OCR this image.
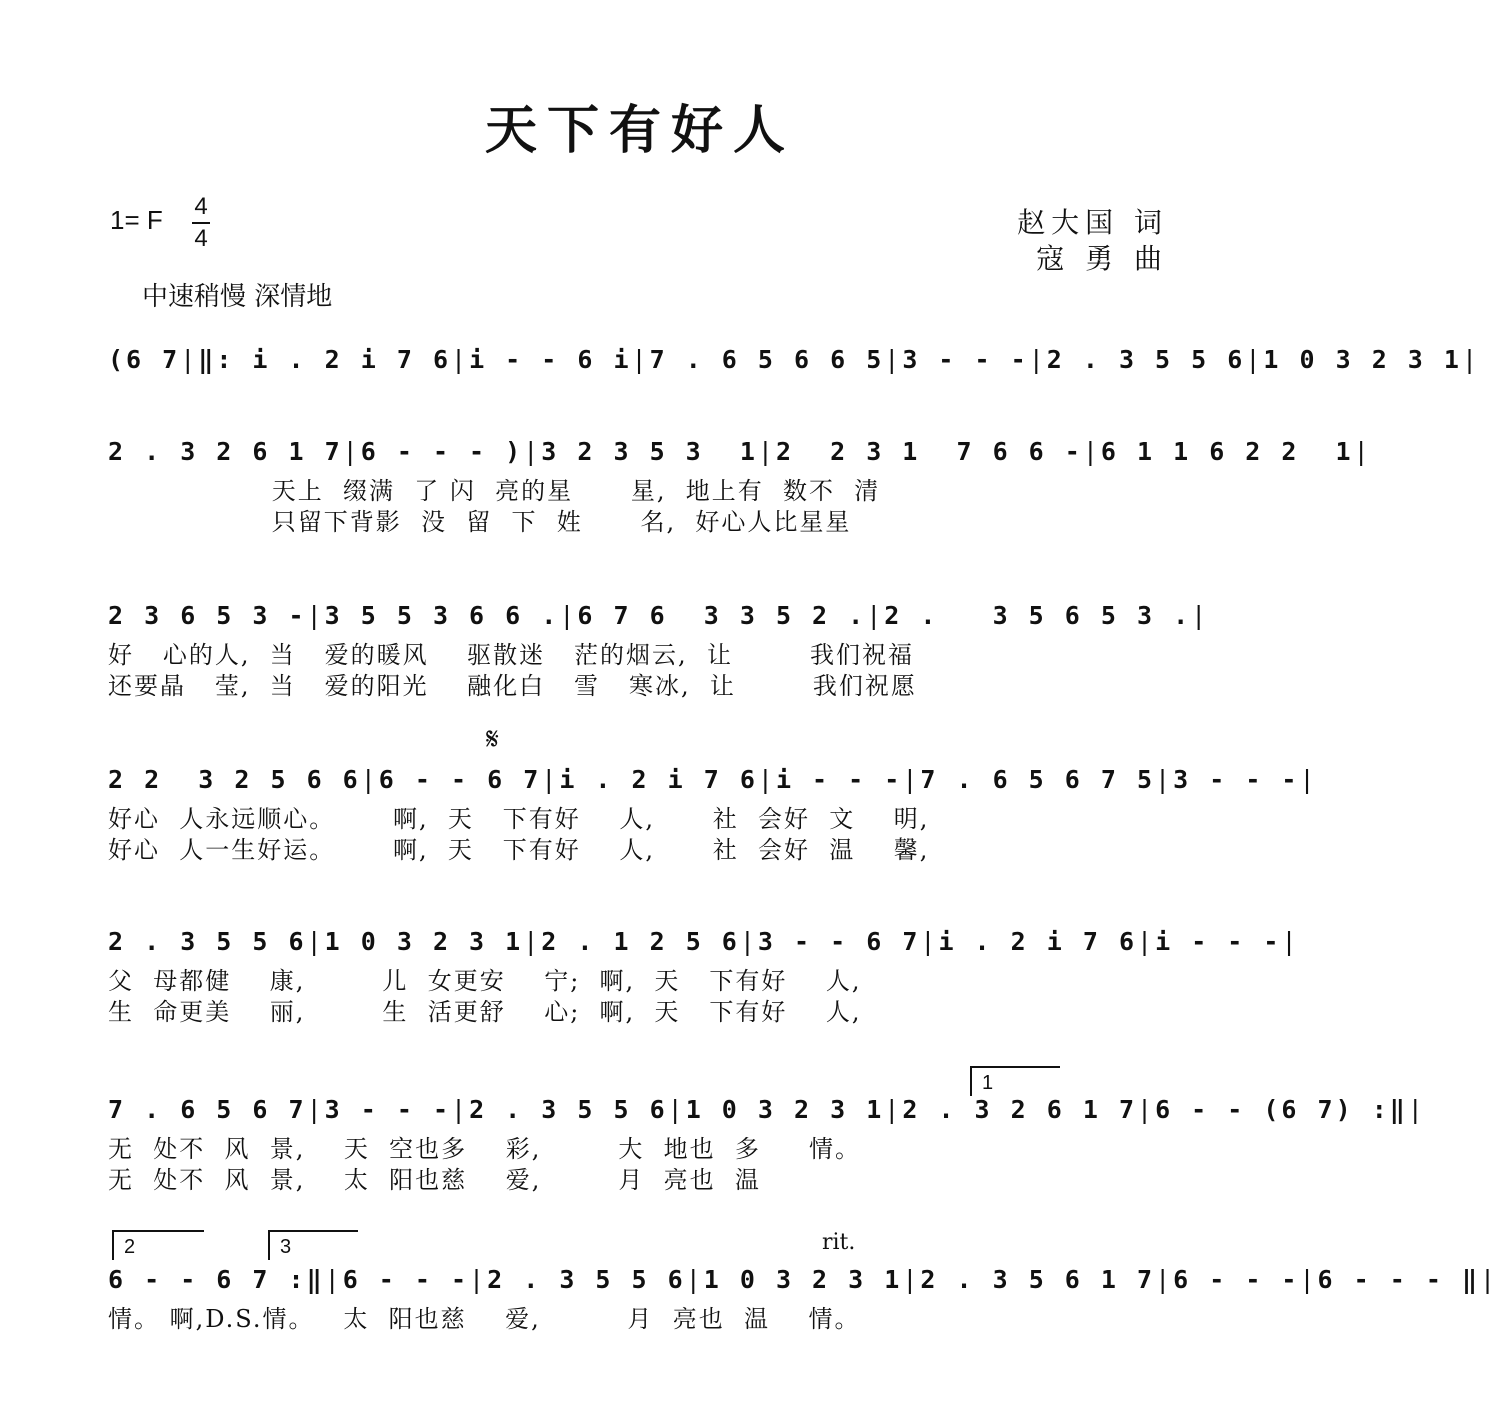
天下有好人
1= F 4
4	赵大国 词
寇 勇 曲
中速稍慢 深情地
𝄋
rit.
1
2	3
(6 7 | ‖: i . 2 i 7 6 | i - - 6 i | 7 . 6 5 6 6 5 | 3 - - - | 2 . 3 5 5 6 | 1 0 3 2 3 1 |
2 . 3 2 6 1 7 | 6 - - - ) | 3 2 3 5 3  1 | 2  2 3 1  7 6 6 - | 6 1 1 6 2 2  1 |
天上  缀满  了 闪  亮的星      星,  地上有  数不  清
只留下背影  没  留  下  姓      名,  好心人比星星
2 3 6 5 3 - | 3 5 5 3 6 6 . | 6 7 6  3 3 5 2 . | 2 .   3 5 6 5 3 . |
好   心的人,  当   爱的暖风    驱散迷   茫的烟云,  让        我们祝福
还要晶   莹,  当   爱的阳光    融化白   雪   寒冰,  让        我们祝愿
2 2  3 2 5 6 6 | 6 - - 6 7 | i . 2 i 7 6 | i - - - | 7 . 6 5 6 7 5 | 3 - - - |
好心  人永远顺心。      啊,  天   下有好    人,      社  会好  文    明,
好心  人一生好运。      啊,  天   下有好    人,      社  会好  温    馨,
2 . 3 5 5 6 | 1 0 3 2 3 1 | 2 . 1 2 5 6 | 3 - - 6 7 | i . 2 i 7 6 | i - - - |
父  母都健    康,        儿  女更安    宁;  啊,  天   下有好    人,
生  命更美    丽,        生  活更舒    心;  啊,  天   下有好    人,
7 . 6 5 6 7 | 3 - - - | 2 . 3 5 5 6 | 1 0 3 2 3 1 | 2 . 3 2 6 1 7 | 6 - - (6 7) :‖ |
无  处不  风  景,    天  空也多    彩,        大  地也  多     情。
无  处不  风  景,    太  阳也慈    爱,        月  亮也  温
6 - - 6 7 :‖ | 6 - - - | 2 . 3 5 5 6 | 1 0 3 2 3 1 | 2 . 3 5 6 1 7 | 6 - - - | 6 - - - ‖ |
情。 啊,D.S.情。   太  阳也慈    爱,         月  亮也  温    情。
